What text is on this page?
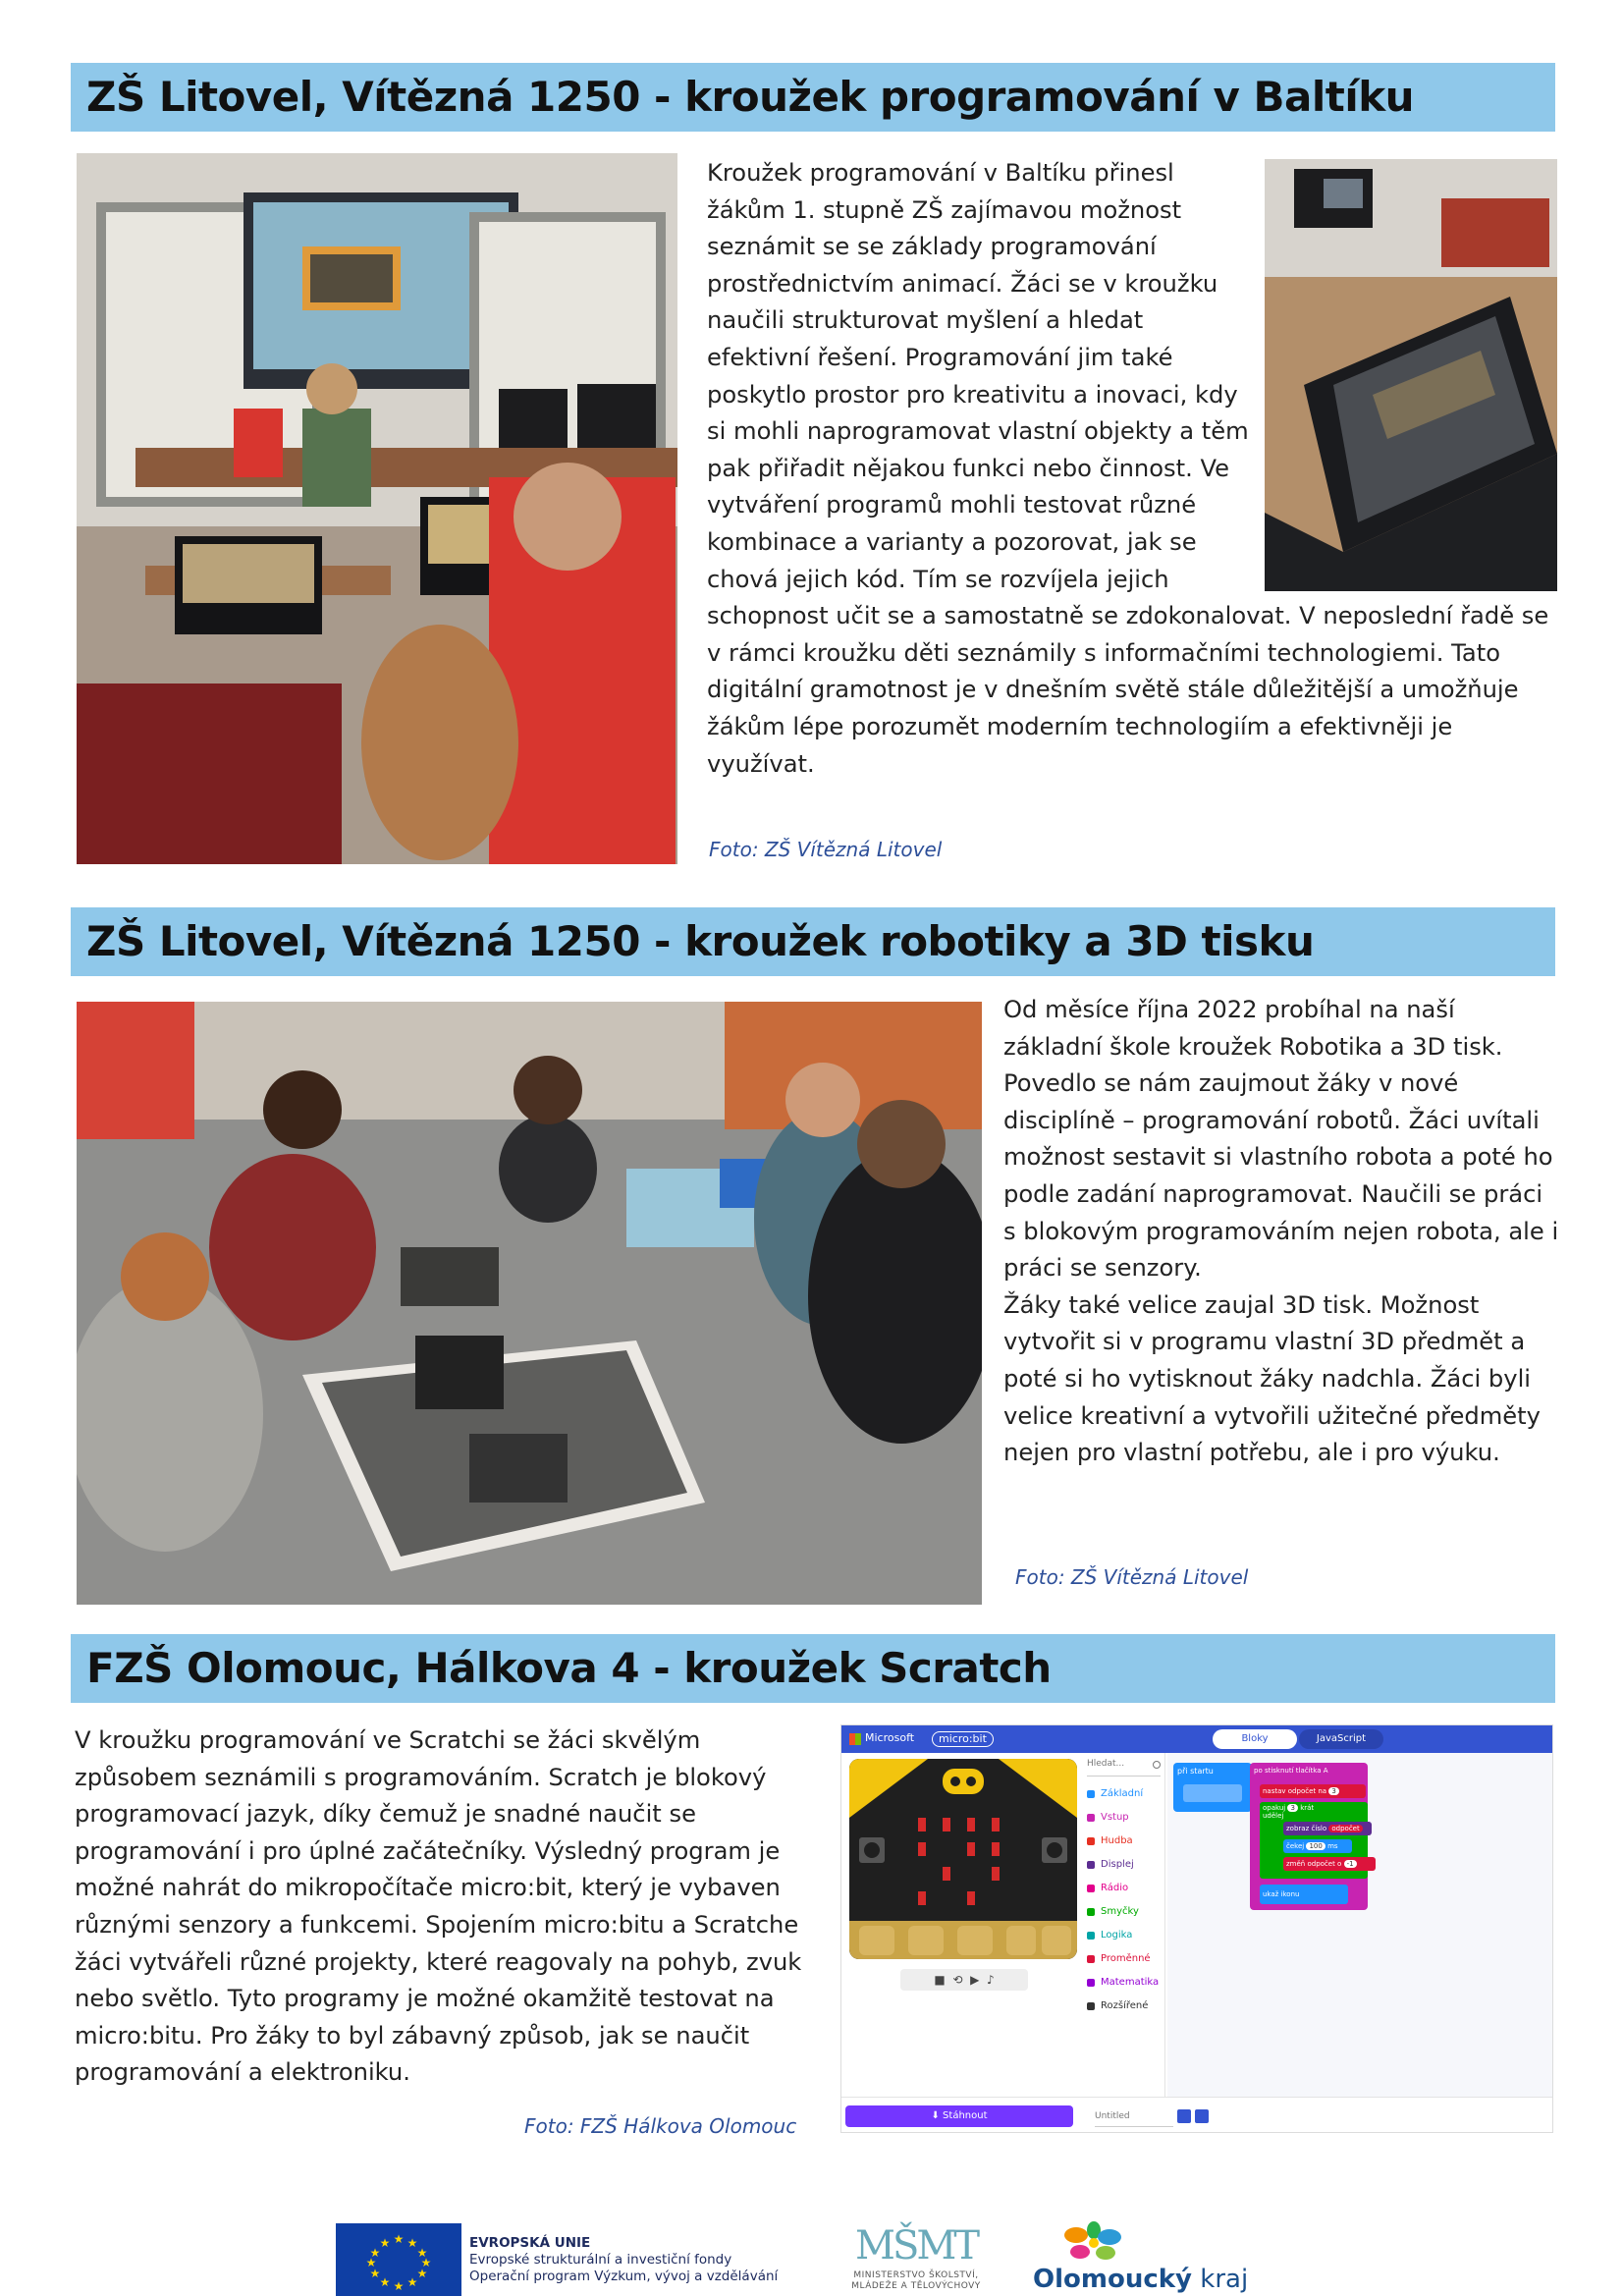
ZŠ Litovel, Vítězná 1250 - kroužek programování v Baltíku

Kroužek programování v Baltíku přinesl žákům 1. stupně ZŠ zajímavou možnost seznámit se se základy programování prostřednictvím animací. Žáci se v kroužku naučili strukturovat myšlení a hledat efektivní řešení. Programování jim také poskytlo prostor pro kreativitu a inovaci, kdy si mohli naprogramovat vlastní objekty a těm pak přiřadit nějakou funkci nebo činnost. Ve vytváření programů mohli testovat různé kombinace a varianty a pozorovat, jak se chová jejich kód. Tím se rozvíjela jejich schopnost učit se a samostatně se zdokonalovat. V neposlední řadě se v rámci kroužku děti seznámily s informačními technologiemi. Tato digitální gramotnost je v dnešním světě stále důležitější a umožňuje žákům lépe porozumět moderním technologiím a efektivněji je využívat.

Foto: ZŠ Vítězná Litovel
ZŠ Litovel, Vítězná 1250 - kroužek robotiky a 3D tisku

Od měsíce října 2022 probíhal na naší základní škole kroužek Robotika a 3D tisk. Povedlo se nám zaujmout žáky v nové disciplíně – programování robotů. Žáci uvítali možnost sestavit si vlastního robota a poté ho podle zadání naprogramovat. Naučili se práci s blokovým programováním nejen robota, ale i práci se senzory.

Žáky také velice zaujal 3D tisk. Možnost vytvořit si v programu vlastní 3D předmět a poté si ho vytisknout žáky nadchla. Žáci byli velice kreativní a vytvořili užitečné předměty nejen pro vlastní potřebu, ale i pro výuku.

Foto: ZŠ Vítězná Litovel
FZŠ Olomouc, Hálkova 4 - kroužek Scratch

V kroužku programování ve Scratchi se žáci skvělým způsobem seznámili s programováním. Scratch je blokový programovací jazyk, díky čemuž je snadné naučit se programování i pro úplné začátečníky. Výsledný program je možné nahrát do mikropočítače micro:bit, který je vybaven různými senzory a funkcemi. Spojením micro:bitu a Scratche žáci vytvářeli různé projekty, které reagovaly na pohyb, zvuk nebo světlo. Tyto programy je možné okamžitě testovat na micro:bitu. Pro žáky to byl zábavný způsob, jak se naučit programování a elektroniku.

Foto: FZŠ Hálkova Olomouc
Microsoft	micro:bit	Bloky	JavaScript
■ ⟲ ▶ ♪
Hledat...
Základní
Vstup
Hudba
Displej
Rádio
Smyčky
Logika
Proměnné
Matematika
Rozšířené
při startu	po stisknutí tlačítka A
nastav odpočet na 3
opakuj 3 krát
udělej
zobraz číslo odpočet
čekej 100 ms
změň odpočet o -1
ukaž ikonu
⬇ Stáhnout	Untitled
★ ★
★
★
★
★
★
★
★
★
★
★	EVROPSKÁ UNIE
Evropské strukturální a investiční fondy
Operační program Výzkum, vývoj a vzdělávání
MŠMT
MINISTERSTVO ŠKOLSTVÍ, MLÁDEŽE A TĚLOVÝCHOVY	Olomoucký kraj
